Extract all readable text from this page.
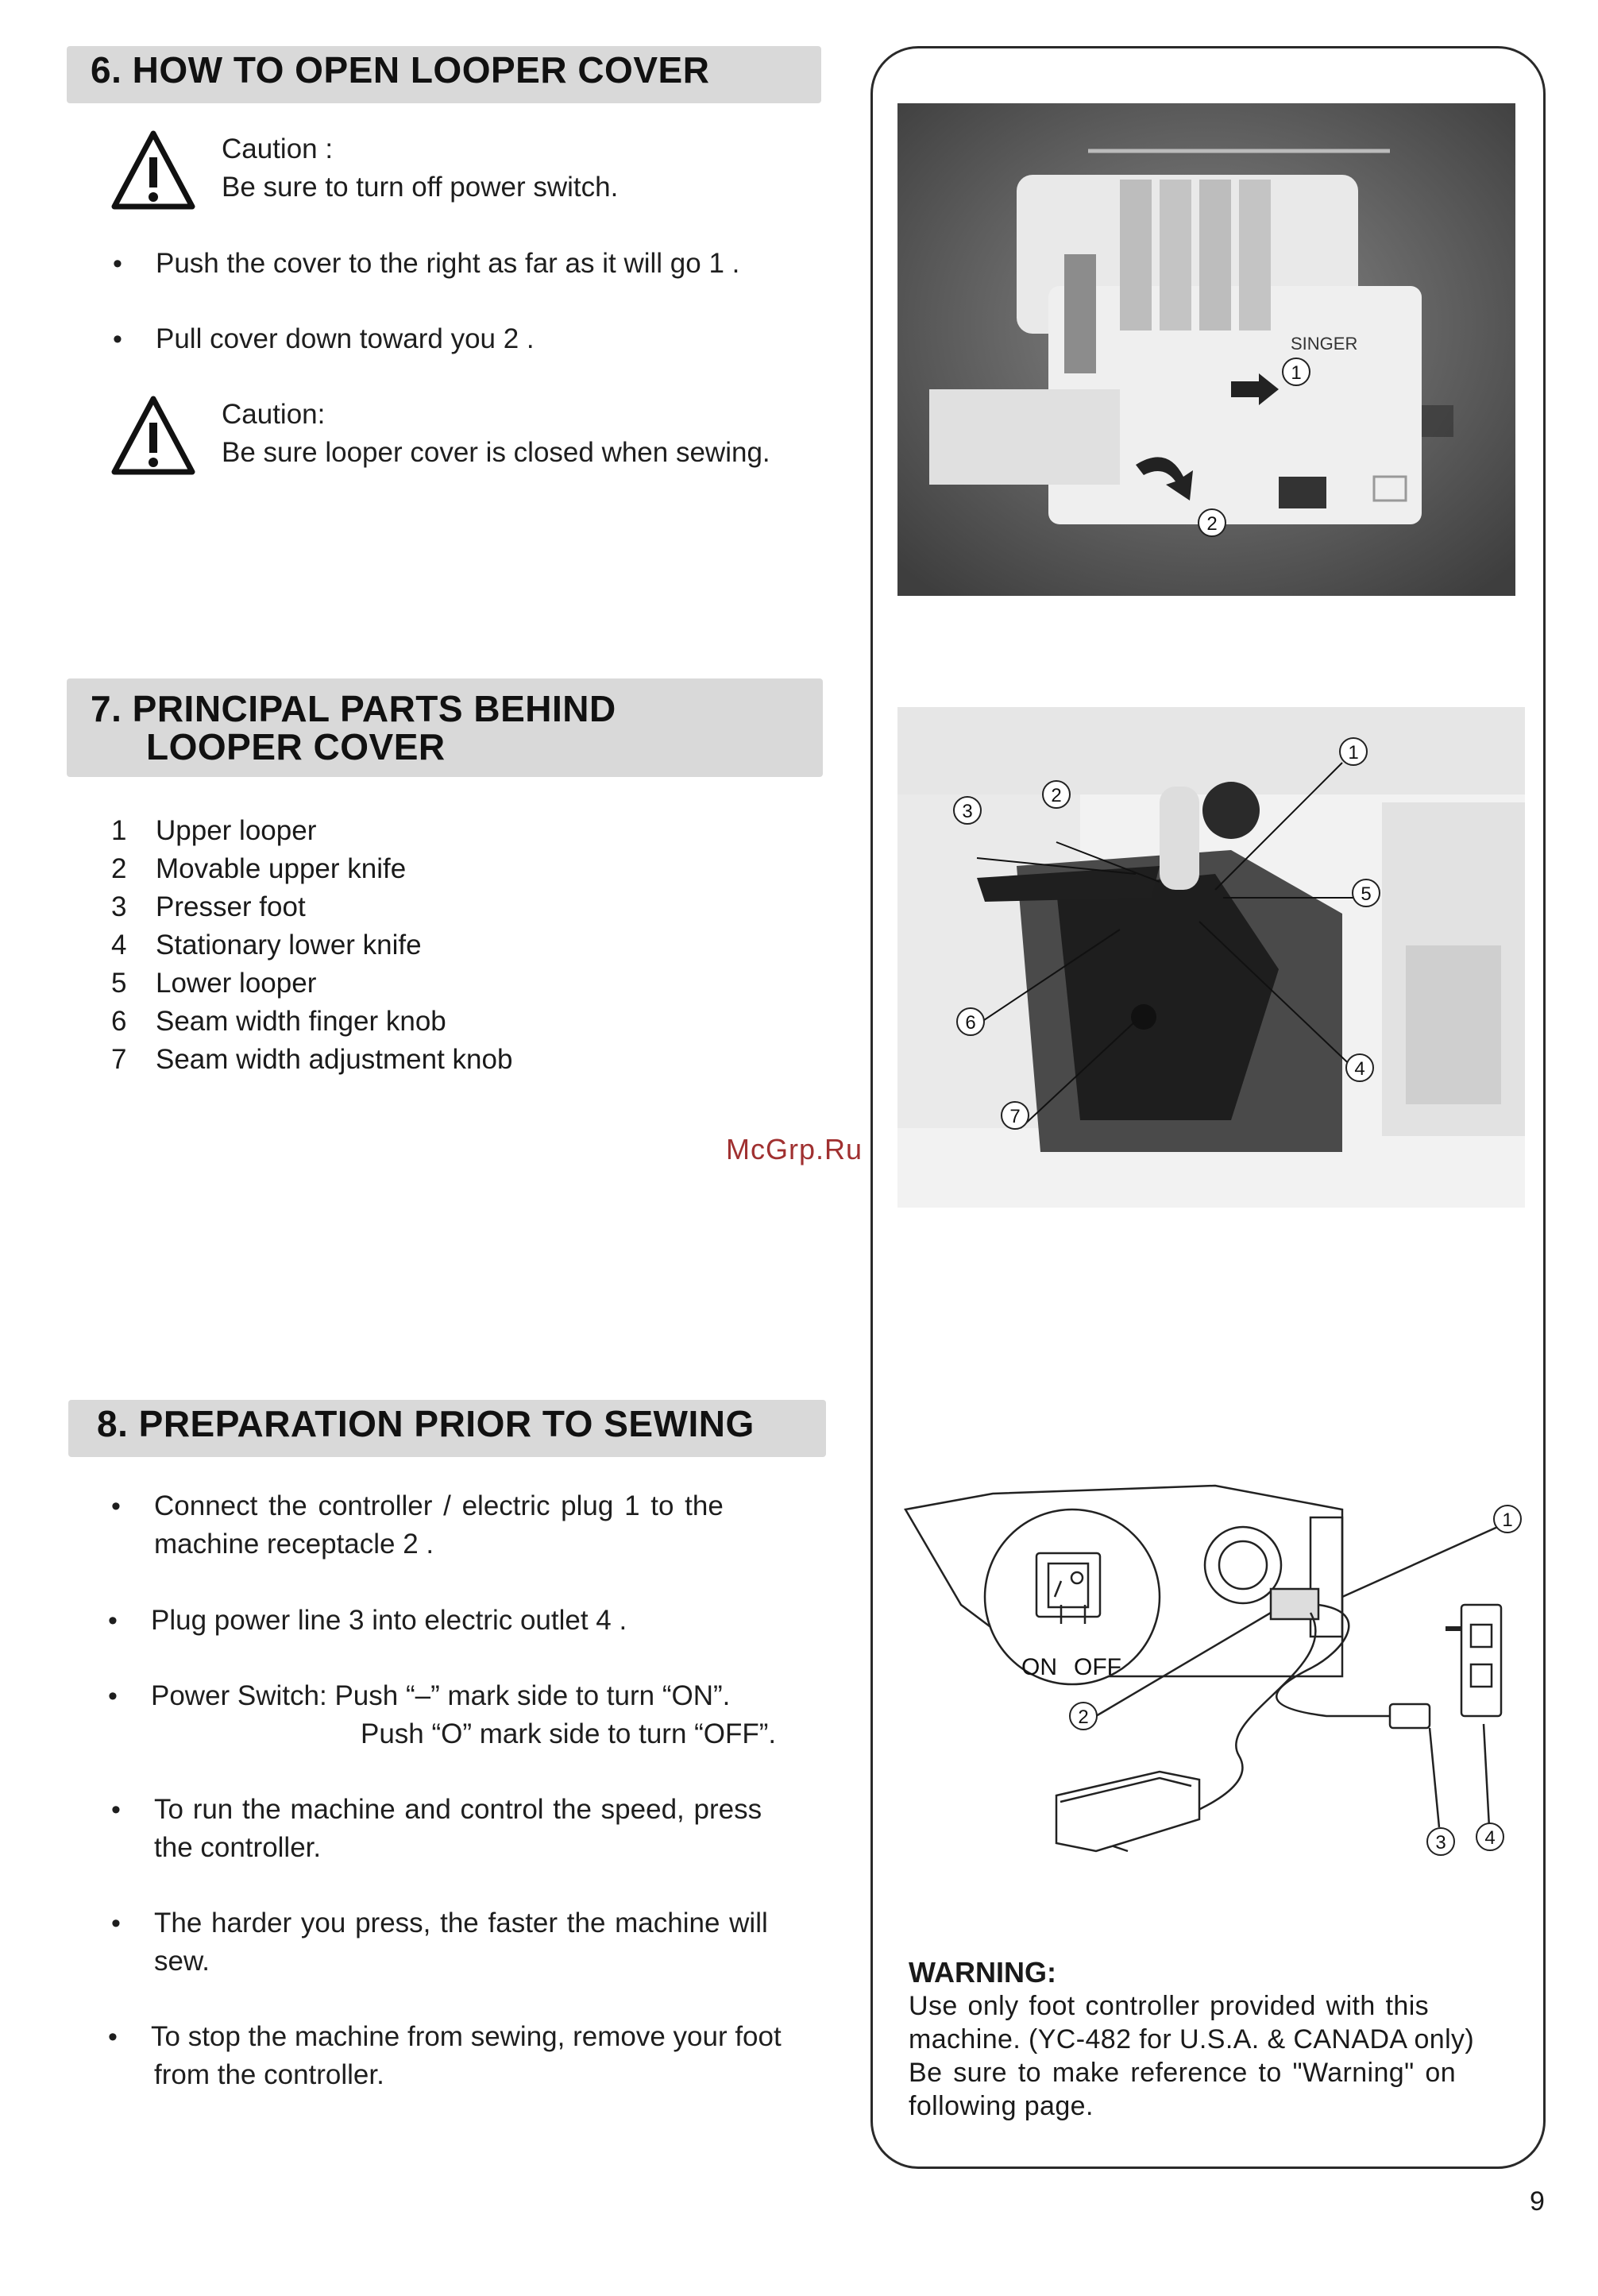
6. HOW TO OPEN LOOPER COVER
Caution :
Be sure to turn off power switch.
• Push the cover to the right as far as it will go 1 .
• Pull cover down toward you 2 .
Caution:
Be sure looper cover is closed when sewing.
7. PRINCIPAL PARTS BEHIND
LOOPER COVER
1	Upper looper
2	Movable upper knife
3	Presser foot
4	Stationary lower knife
5	Lower looper
6	Seam width finger knob
7	Seam width adjustment knob
8. PREPARATION PRIOR TO SEWING
• Connect the controller / electric plug 1 to the
machine receptacle 2 .
• Plug power line 3 into electric outlet 4 .
• Power Switch: Push “–” mark side to turn “ON”.
Push “O” mark side to turn “OFF”.
• To run the machine and control the speed, press
the controller.
• The harder you press, the faster the machine will
sew.
• To stop the machine from sewing, remove your foot
from the controller.
SINGER
1
2
1
2
3
4
5
6
7
ON OFF
1
2
3 4
WARNING:
Use only foot controller provided with this
machine. (YC-482 for U.S.A. & CANADA only)
Be sure to make reference to "Warning" on
following page.
McGrp.Ru
9
